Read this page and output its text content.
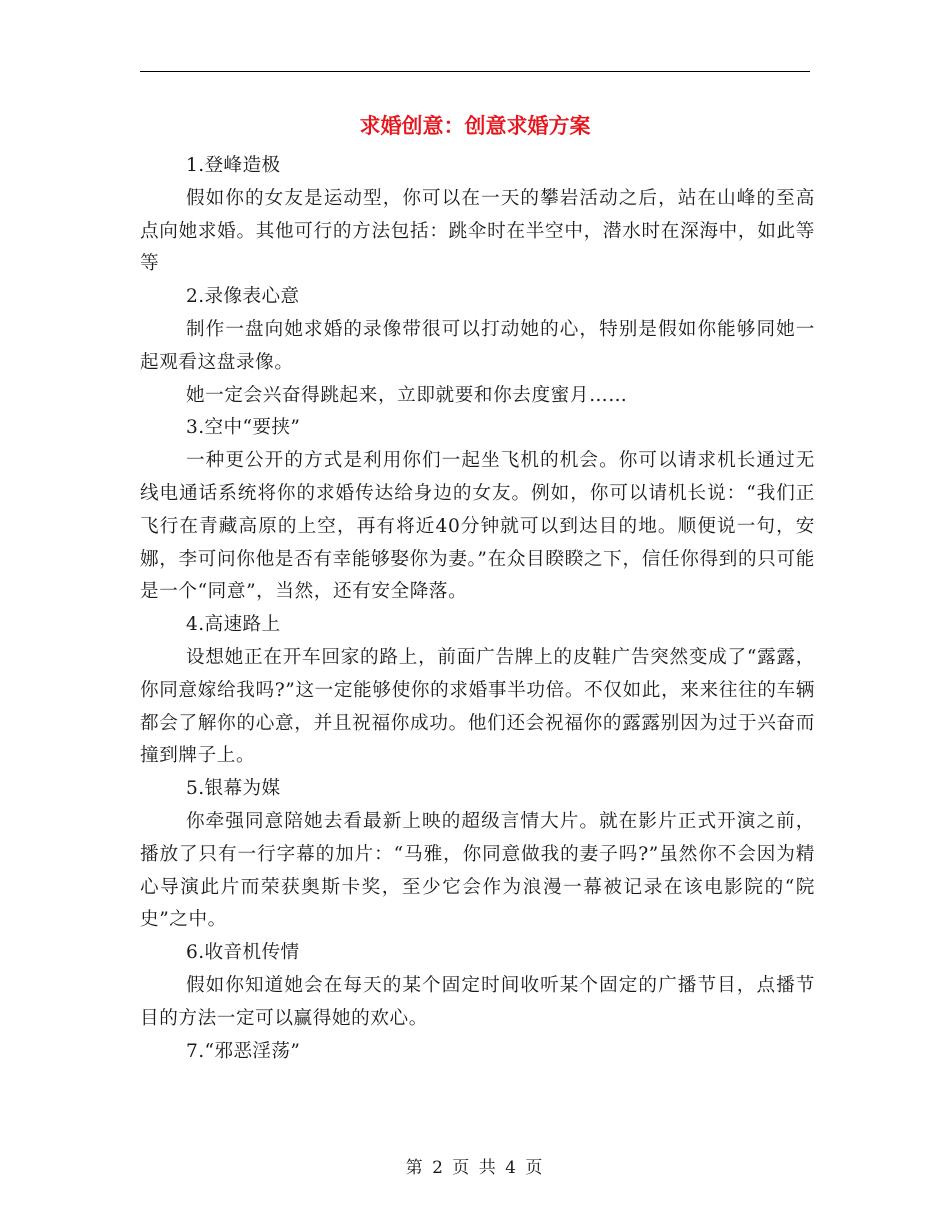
求婚创意：创意求婚方案
1.登峰造极

假如你的女友是运动型，你可以在一天的攀岩活动之后，站在山峰的至高点向她求婚。其他可行的方法包括：跳伞时在半空中，潜水时在深海中，如此等等

2.录像表心意

制作一盘向她求婚的录像带很可以打动她的心，特别是假如你能够同她一起观看这盘录像。

她一定会兴奋得跳起来，立即就要和你去度蜜月……

3.空中“要挟”

一种更公开的方式是利用你们一起坐飞机的机会。你可以请求机长通过无线电通话系统将你的求婚传达给身边的女友。例如，你可以请机长说：“我们正飞行在青藏高原的上空，再有将近40分钟就可以到达目的地。顺便说一句，安娜，李可问你他是否有幸能够娶你为妻。”在众目睽睽之下，信任你得到的只可能是一个“同意”，当然，还有安全降落。

4.高速路上

设想她正在开车回家的路上，前面广告牌上的皮鞋广告突然变成了“露露，你同意嫁给我吗?”这一定能够使你的求婚事半功倍。不仅如此，来来往往的车辆都会了解你的心意，并且祝福你成功。他们还会祝福你的露露别因为过于兴奋而撞到牌子上。

5.银幕为媒

你牵强同意陪她去看最新上映的超级言情大片。就在影片正式开演之前，播放了只有一行字幕的加片：“马雅，你同意做我的妻子吗?”虽然你不会因为精心导演此片而荣获奥斯卡奖，至少它会作为浪漫一幕被记录在该电影院的“院史”之中。

6.收音机传情

假如你知道她会在每天的某个固定时间收听某个固定的广播节目，点播节目的方法一定可以赢得她的欢心。

7.“邪恶淫荡”
第 2 页 共 4 页
